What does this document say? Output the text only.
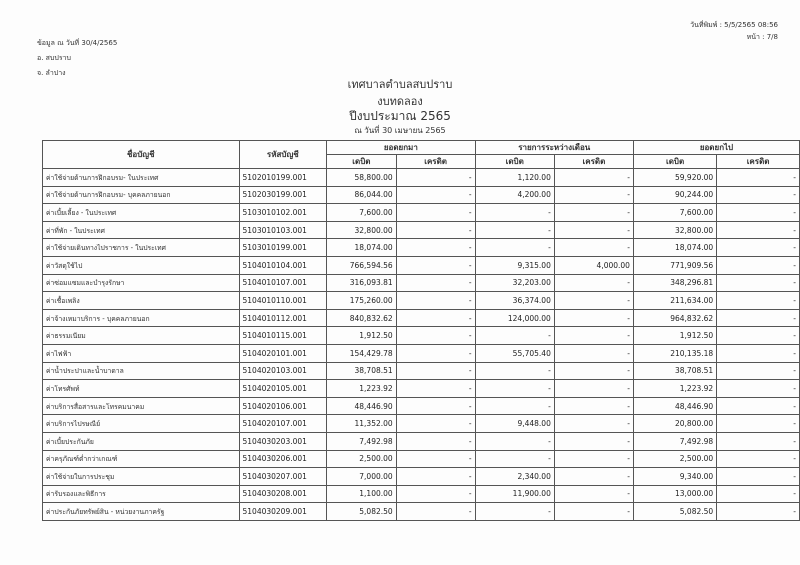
ข้อมูล ณ วันที่ 30/4/2565
อ. สบปราบ
จ. ลำปาง
วันที่พิมพ์ : 5/5/2565 08:56
หน้า : 7/8
เทศบาลตำบลสบปราบ
งบทดลอง
ปีงบประมาณ 2565
ณ วันที่ 30 เมษายน 2565
ชื่อบัญชี	รหัสบัญชี	ยอดยกมา		รายการระหว่างเดือน		ยอดยกไป	
		เดบิต	เครดิต	เดบิต	เครดิต	เดบิต	เครดิต
ค่าใช้จ่ายด้านการฝึกอบรม- ในประเทศ	5102010199.001	58,800.00	-	1,120.00	-	59,920.00	-
ค่าใช้จ่ายด้านการฝึกอบรม- บุคคลภายนอก	5102030199.001	86,044.00	-	4,200.00	-	90,244.00	-
ค่าเบี้ยเลี้ยง - ในประเทศ	5103010102.001	7,600.00	-	-	-	7,600.00	-
ค่าที่พัก - ในประเทศ	5103010103.001	32,800.00	-	-	-	32,800.00	-
ค่าใช้จ่ายเดินทางไปราชการ - ในประเทศ	5103010199.001	18,074.00	-	-	-	18,074.00	-
ค่าวัสดุใช้ไป	5104010104.001	766,594.56	-	9,315.00	4,000.00	771,909.56	-
ค่าซ่อมแซมและบำรุงรักษา	5104010107.001	316,093.81	-	32,203.00	-	348,296.81	-
ค่าเชื้อเพลิง	5104010110.001	175,260.00	-	36,374.00	-	211,634.00	-
ค่าจ้างเหมาบริการ - บุคคลภายนอก	5104010112.001	840,832.62	-	124,000.00	-	964,832.62	-
ค่าธรรมเนียม	5104010115.001	1,912.50	-	-	-	1,912.50	-
ค่าไฟฟ้า	5104020101.001	154,429.78	-	55,705.40	-	210,135.18	-
ค่าน้ำประปาและน้ำบาดาล	5104020103.001	38,708.51	-	-	-	38,708.51	-
ค่าโทรศัพท์	5104020105.001	1,223.92	-	-	-	1,223.92	-
ค่าบริการสื่อสารและโทรคมนาคม	5104020106.001	48,446.90	-	-	-	48,446.90	-
ค่าบริการไปรษณีย์	5104020107.001	11,352.00	-	9,448.00	-	20,800.00	-
ค่าเบี้ยประกันภัย	5104030203.001	7,492.98	-	-	-	7,492.98	-
ค่าครุภัณฑ์ต่ำกว่าเกณฑ์	5104030206.001	2,500.00	-	-	-	2,500.00	-
ค่าใช้จ่ายในการประชุม	5104030207.001	7,000.00	-	2,340.00	-	9,340.00	-
ค่ารับรองและพิธีการ	5104030208.001	1,100.00	-	11,900.00	-	13,000.00	-
ค่าประกันภัยทรัพย์สิน - หน่วยงานภาครัฐ	5104030209.001	5,082.50	-	-	-	5,082.50	-
